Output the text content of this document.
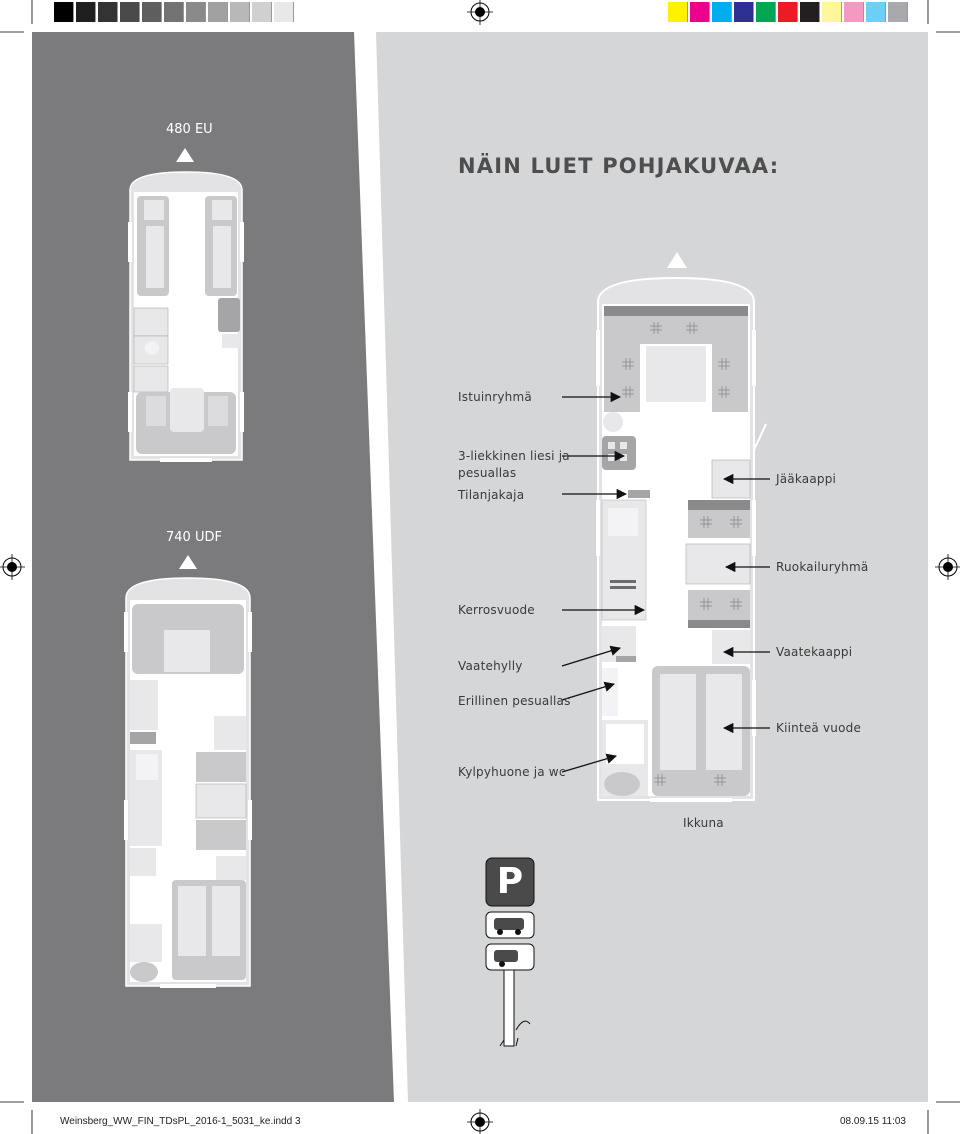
NÄIN LUET POHJAKUVAA:
480 EU
740 UDF
Istuinryhmä
3-liekkinen liesi ja
pesuallas
Tilanjakaja
Kerrosvuode
Vaatehylly
Erillinen pesuallas
Kylpyhuone ja wc
Jääkaappi
Ruokailuryhmä
Vaatekaappi
Kiinteä vuode
Ikkuna
P
Weinsberg_WW_FIN_TDsPL_2016-1_5031_ke.indd 3	08.09.15 11:03
